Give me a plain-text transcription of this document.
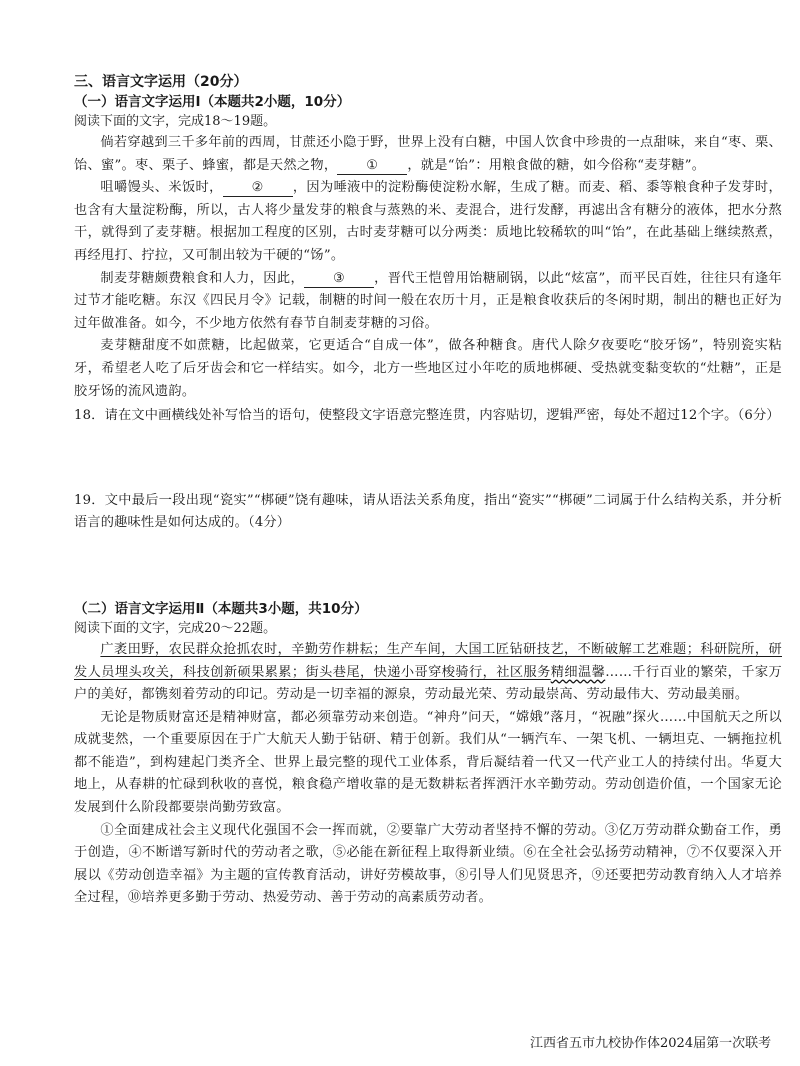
三、语言文字运用（20分）

（一）语言文字运用Ⅰ（本题共2小题，10分）

阅读下面的文字，完成18～19题。

倘若穿越到三千多年前的西周，甘蔗还小隐于野，世界上没有白糖，中国人饮食中珍贵的一点甜味，来自“枣、栗、饴、蜜”。枣、栗子、蜂蜜，都是天然之物， ① ，就是“饴”：用粮食做的糖，如今俗称“麦芽糖”。

咀嚼馒头、米饭时， ② ，因为唾液中的淀粉酶使淀粉水解，生成了糖。而麦、稻、黍等粮食种子发芽时，也含有大量淀粉酶，所以，古人将少量发芽的粮食与蒸熟的米、麦混合，进行发酵，再滤出含有糖分的液体，把水分熬干，就得到了麦芽糖。根据加工程度的区别，古时麦芽糖可以分两类：质地比较稀软的叫“饴”，在此基础上继续熬煮，再经甩打、拧拉，又可制出较为干硬的“饧”。

制麦芽糖颇费粮食和人力，因此， ③ ，晋代王恺曾用饴糖刷锅，以此“炫富”，而平民百姓，往往只有逢年过节才能吃糖。东汉《四民月令》记载，制糖的时间一般在农历十月，正是粮食收获后的冬闲时期，制出的糖也正好为过年做准备。如今，不少地方依然有春节自制麦芽糖的习俗。

麦芽糖甜度不如蔗糖，比起做菜，它更适合“自成一体”，做各种糖食。唐代人除夕夜要吃“胶牙饧”，特别瓷实粘牙，希望老人吃了后牙齿会和它一样结实。如今，北方一些地区过小年吃的质地梆硬、受热就变黏变软的“灶糖”，正是胶牙饧的流风遗韵。

18．请在文中画横线处补写恰当的语句，使整段文字语意完整连贯，内容贴切，逻辑严密，每处不超过12个字。（6分）

19．文中最后一段出现“瓷实”“梆硬”饶有趣味，请从语法关系角度，指出“瓷实”“梆硬”二词属于什么结构关系，并分析语言的趣味性是如何达成的。（4分）

（二）语言文字运用Ⅱ（本题共3小题，共10分）

阅读下面的文字，完成20～22题。

广袤田野，农民群众抢抓农时，辛勤劳作耕耘；生产车间，大国工匠钻研技艺，不断破解工艺难题；科研院所，研发人员埋头攻关，科技创新硕果累累；街头巷尾，快递小哥穿梭骑行，社区服务精细温馨……千行百业的繁荣，千家万户的美好，都镌刻着劳动的印记。劳动是一切幸福的源泉，劳动最光荣、劳动最崇高、劳动最伟大、劳动最美丽。

无论是物质财富还是精神财富，都必须靠劳动来创造。“神舟”问天，“嫦娥”落月，“祝融”探火……中国航天之所以成就斐然，一个重要原因在于广大航天人勤于钻研、精于创新。我们从“一辆汽车、一架飞机、一辆坦克、一辆拖拉机都不能造”，到构建起门类齐全、世界上最完整的现代工业体系，背后凝结着一代又一代产业工人的持续付出。华夏大地上，从春耕的忙碌到秋收的喜悦，粮食稳产增收靠的是无数耕耘者挥洒汗水辛勤劳动。劳动创造价值，一个国家无论发展到什么阶段都要崇尚勤劳致富。

①全面建成社会主义现代化强国不会一挥而就，②要靠广大劳动者坚持不懈的劳动。③亿万劳动群众勤奋工作，勇于创造，④不断谱写新时代的劳动者之歌，⑤必能在新征程上取得新业绩。⑥在全社会弘扬劳动精神，⑦不仅要深入开展以《劳动创造幸福》为主题的宣传教育活动，讲好劳模故事，⑧引导人们见贤思齐，⑨还要把劳动教育纳入人才培养全过程，⑩培养更多勤于劳动、热爱劳动、善于劳动的高素质劳动者。

江西省五市九校协作体2024届第一次联考
